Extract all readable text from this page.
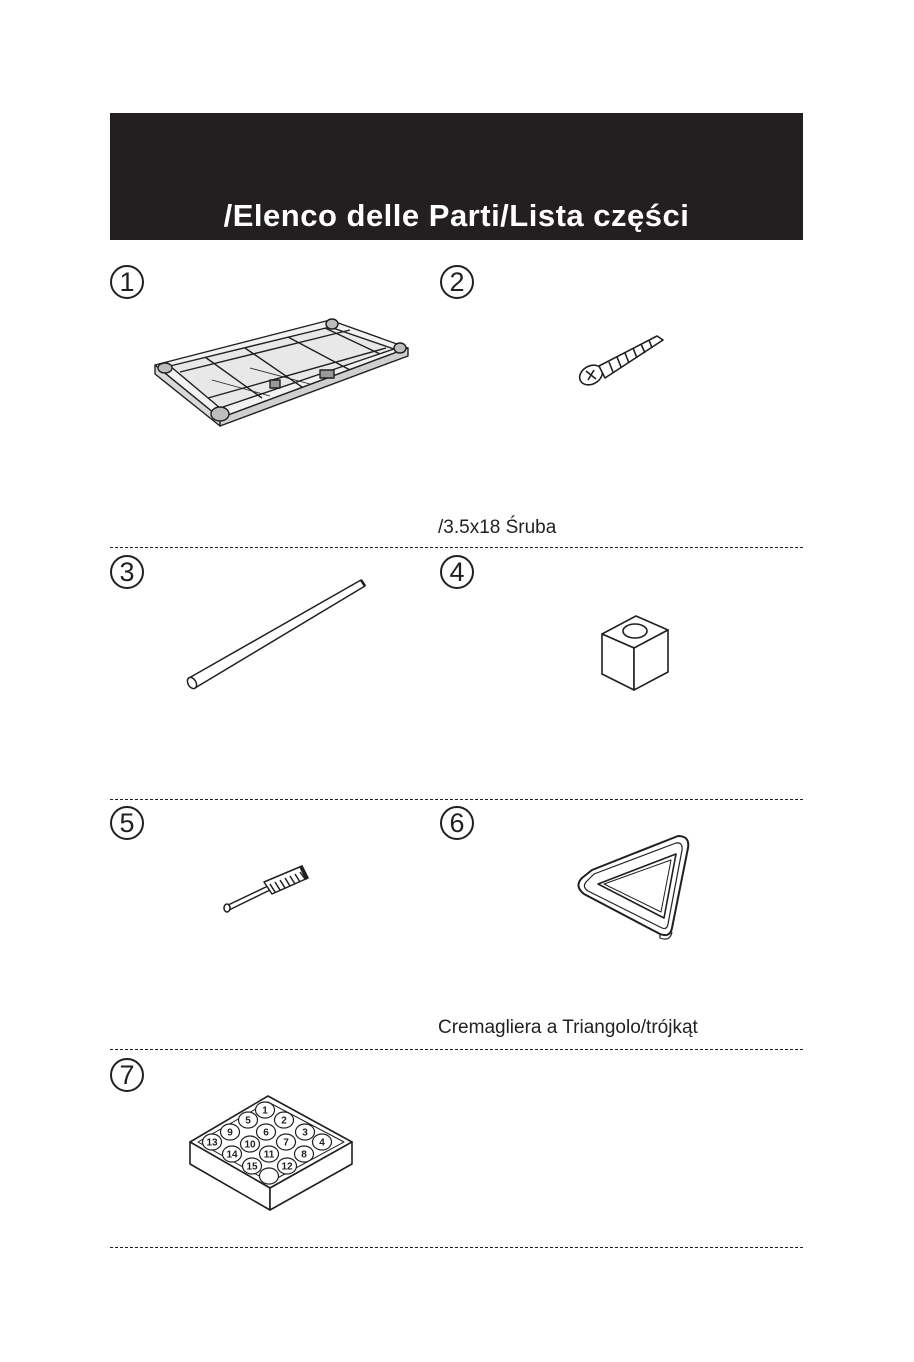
/Elenco delle Parti/Lista części
1	2
/3.5x18 Śruba
3	4
5	6
Cremagliera a Triangolo/trójkąt
7
1
2
3
4
5
6
7
8
9
10
11
12
13
14
15
